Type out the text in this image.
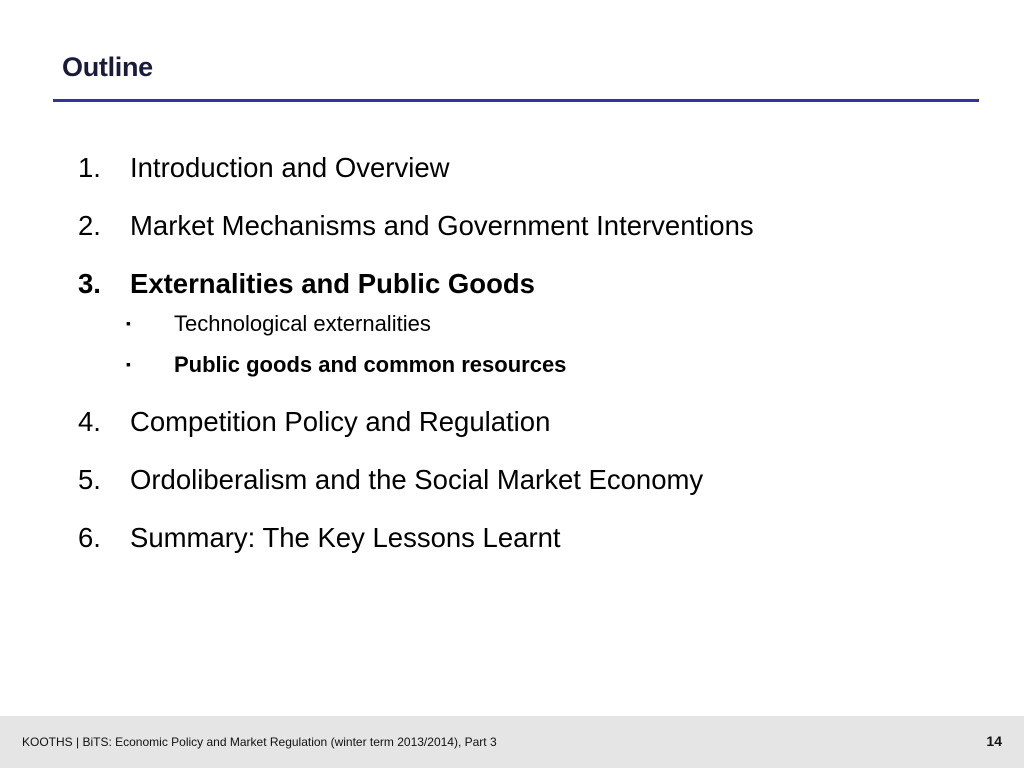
Outline
1.	Introduction and Overview
2.	Market Mechanisms and Government Interventions
3.	Externalities and Public Goods
▪	Technological externalities
▪	Public goods and common resources
4.	Competition Policy and Regulation
5.	Ordoliberalism and the Social Market Economy
6.	Summary: The Key Lessons Learnt
KOOTHS | BiTS: Economic Policy and Market Regulation (winter term 2013/2014), Part 3	14
